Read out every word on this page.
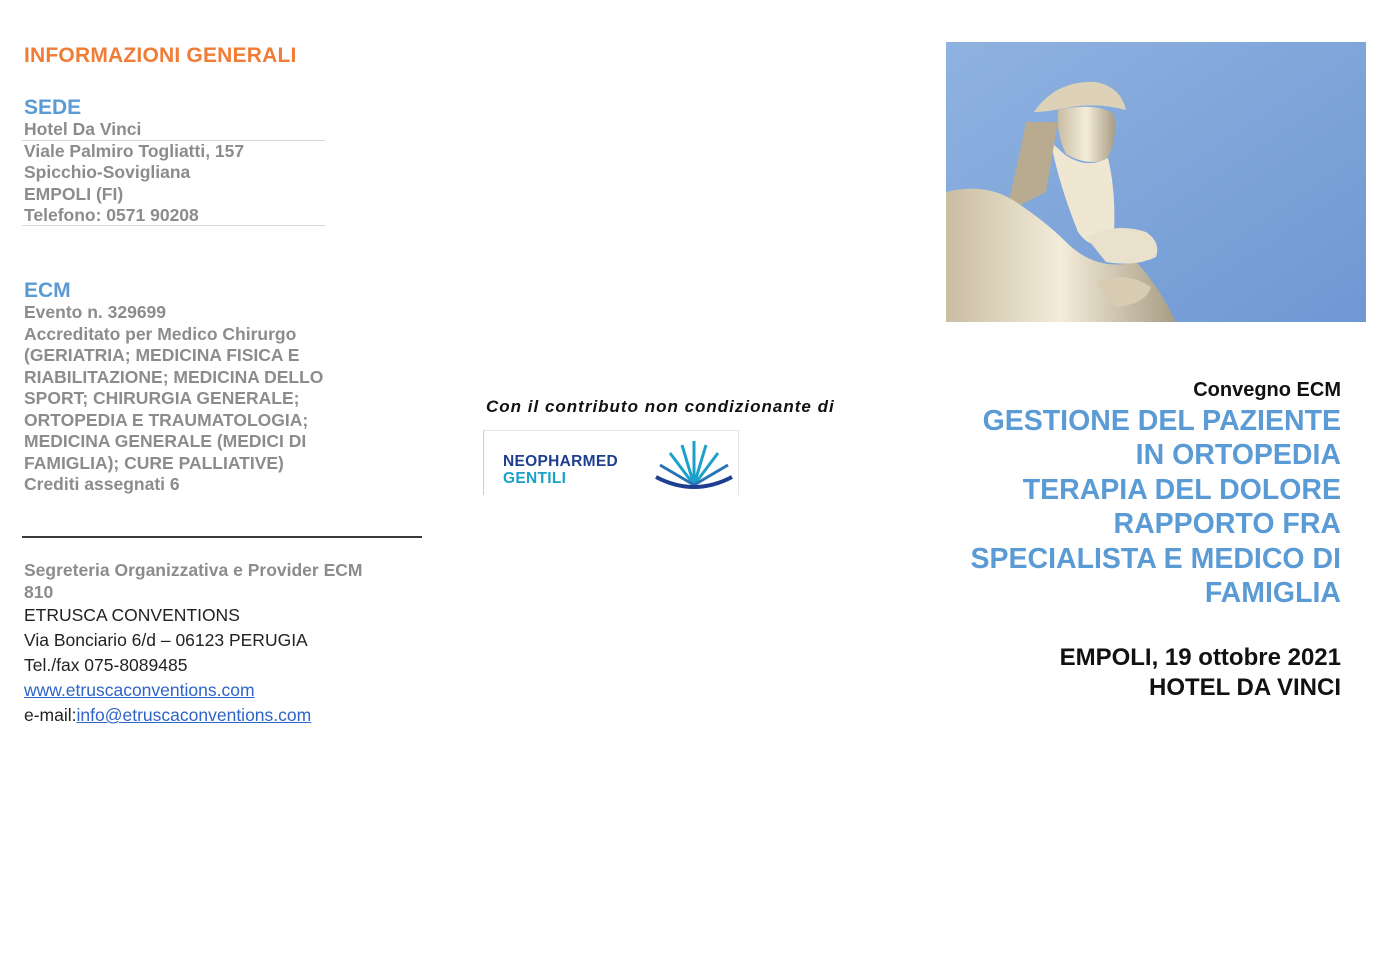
INFORMAZIONI GENERALI
SEDE
Hotel Da Vinci
Viale Palmiro Togliatti, 157
Spicchio-Sovigliana
EMPOLI (FI)
Telefono: 0571 90208
ECM
Evento n. 329699
Accreditato per Medico Chirurgo
(GERIATRIA; MEDICINA FISICA E
RIABILITAZIONE; MEDICINA DELLO
SPORT; CHIRURGIA GENERALE;
ORTOPEDIA E TRAUMATOLOGIA;
MEDICINA GENERALE (MEDICI DI
FAMIGLIA); CURE PALLIATIVE)
Crediti assegnati 6
Segreteria Organizzativa e Provider ECM
810
ETRUSCA CONVENTIONS
Via Bonciario 6/d – 06123 PERUGIA
Tel./fax 075-8089485
www.etruscaconventions.com
e-mail:info@etruscaconventions.com
Con il contributo non condizionante di
NEOPHARMED
GENTILI
Convegno ECM
GESTIONE DEL PAZIENTE
IN ORTOPEDIA
TERAPIA DEL DOLORE
RAPPORTO FRA
SPECIALISTA E MEDICO DI
FAMIGLIA
EMPOLI, 19 ottobre 2021
HOTEL DA VINCI
